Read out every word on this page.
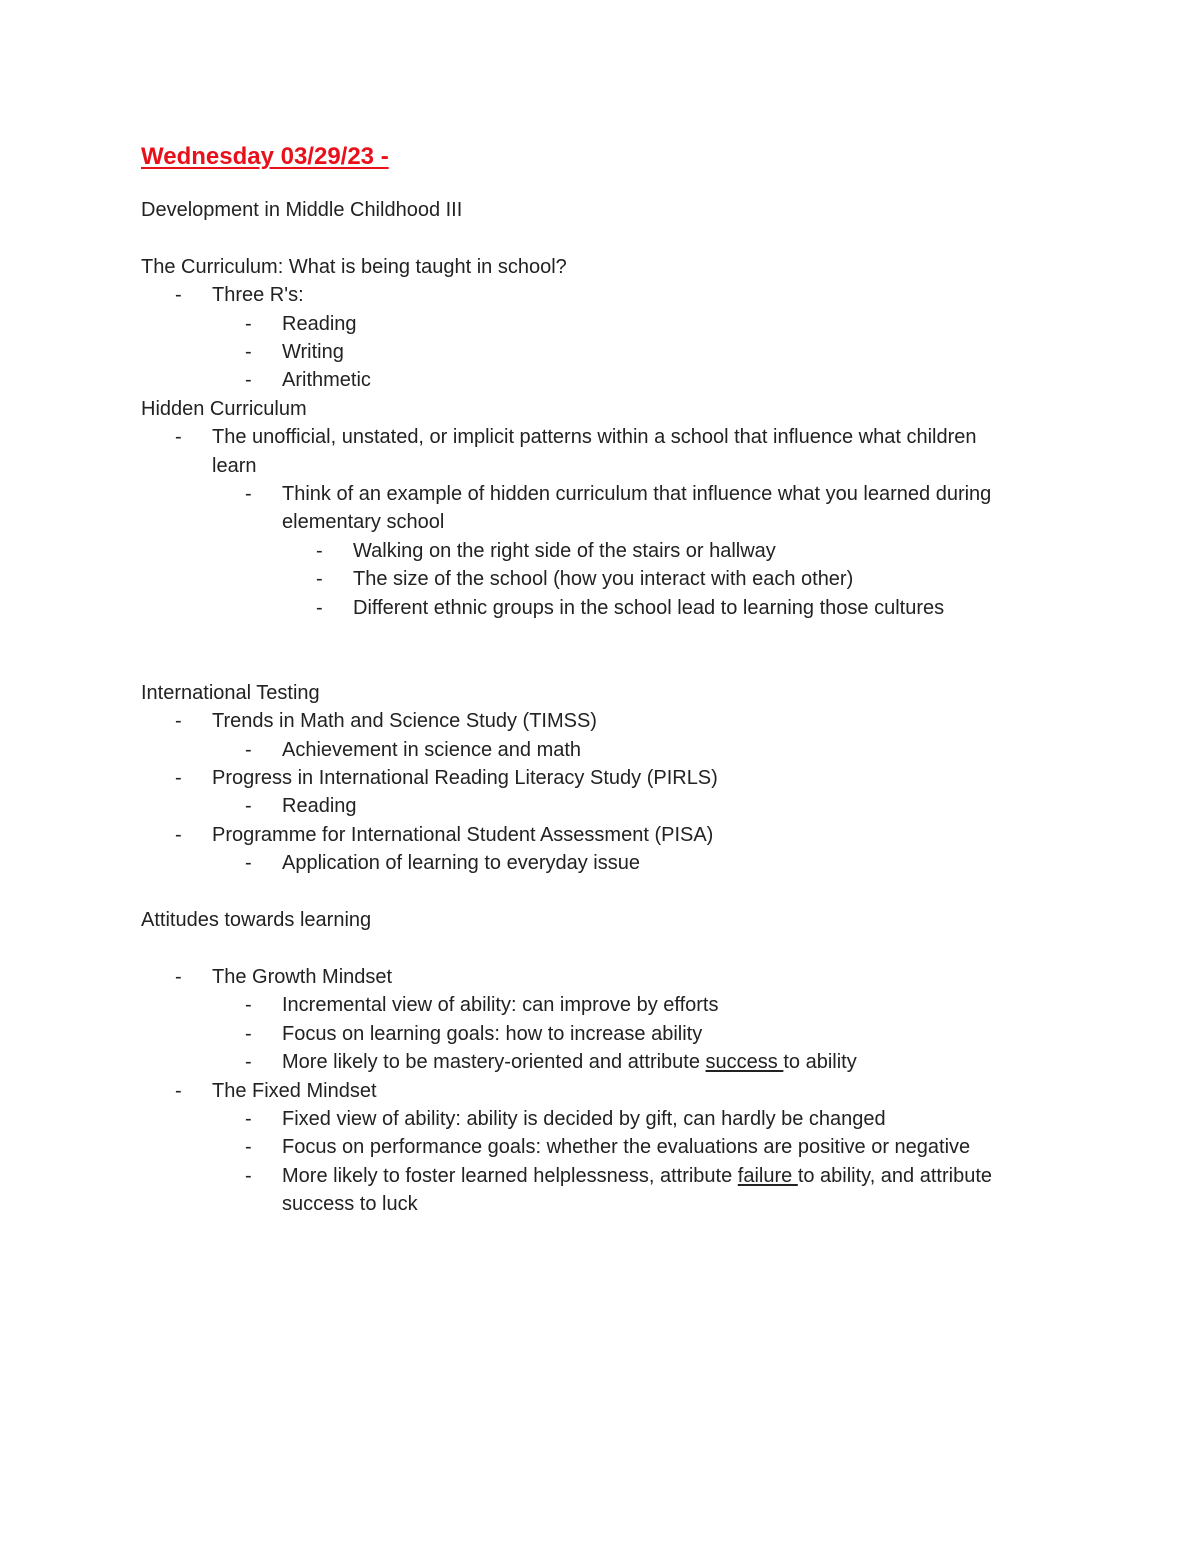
Wednesday 03/29/23 -

Development in Middle Childhood III

The Curriculum: What is being taught in school?

- Three R's:
- Reading
- Writing
- Arithmetic

Hidden Curriculum

- The unofficial, unstated, or implicit patterns within a school that influence what children learn
- Think of an example of hidden curriculum that influence what you learned during elementary school
- Walking on the right side of the stairs or hallway
- The size of the school (how you interact with each other)
- Different ethnic groups in the school lead to learning those cultures

International Testing

- Trends in Math and Science Study (TIMSS)
- Achievement in science and math
- Progress in International Reading Literacy Study (PIRLS)
- Reading
- Programme for International Student Assessment (PISA)
- Application of learning to everyday issue

Attitudes towards learning

- The Growth Mindset
- Incremental view of ability: can improve by efforts
- Focus on learning goals: how to increase ability
- More likely to be mastery-oriented and attribute success to ability
- The Fixed Mindset
- Fixed view of ability: ability is decided by gift, can hardly be changed
- Focus on performance goals: whether the evaluations are positive or negative
- More likely to foster learned helplessness, attribute failure to ability, and attribute success to luck
